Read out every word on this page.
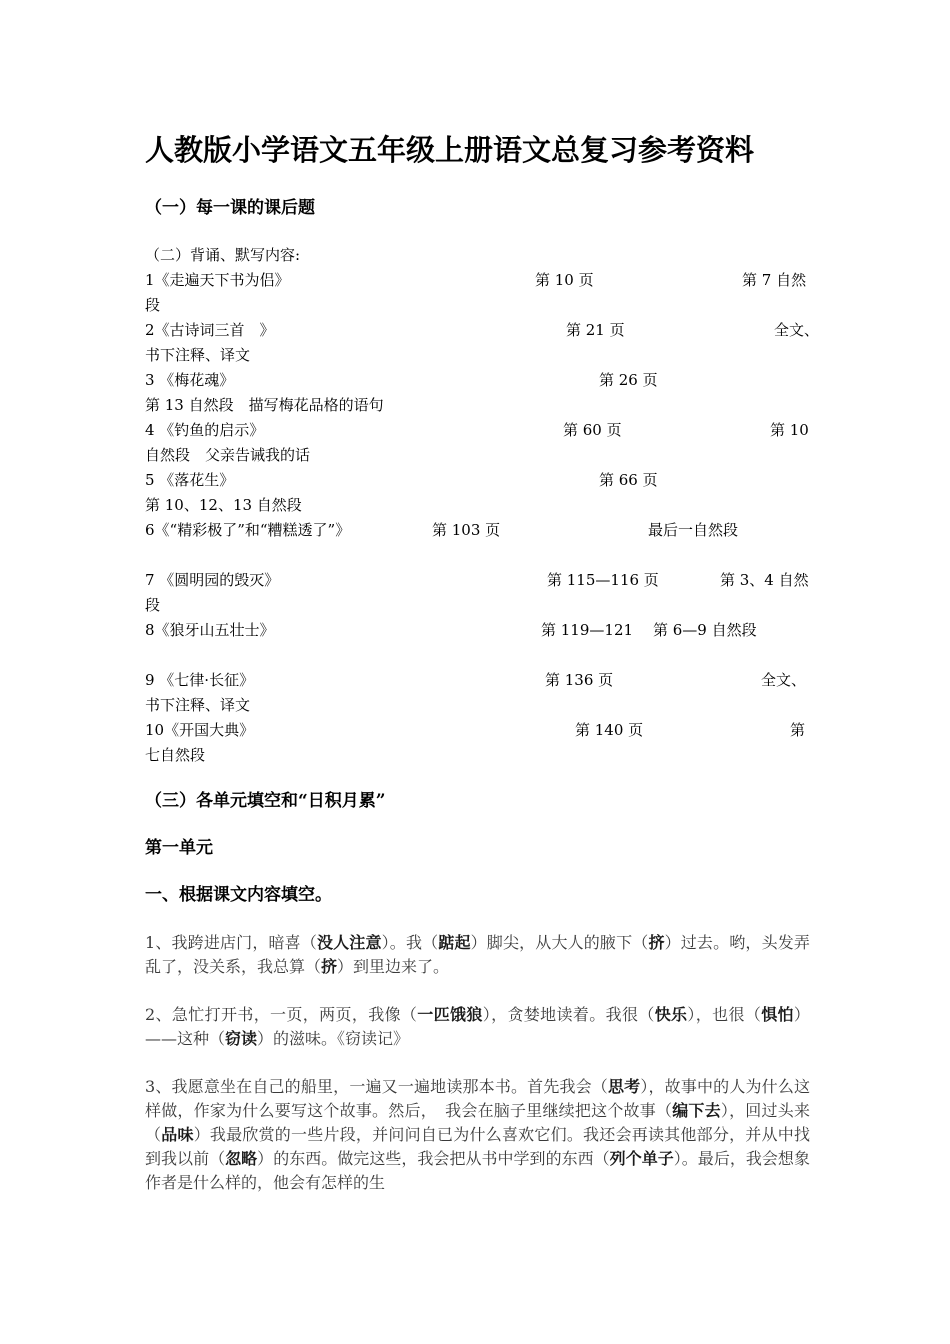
人教版小学语文五年级上册语文总复习参考资料
（一）每一课的课后题
（二）背诵、默写内容:
1《走遍天下书为侣》	第 10 页	第 7 自然
段
2《古诗词三首　》	第 21 页	全文、
书下注释、译文
3 《梅花魂》	第 26 页
第 13 自然段　描写梅花品格的语句
4 《钓鱼的启示》	第 60 页	第 10
自然段　父亲告诫我的话
5 《落花生》	第 66 页
第 10、12、13 自然段
6《“精彩极了”和“糟糕透了”》	第 103 页	最后一自然段
7 《圆明园的毁灭》	第 115—116 页	第 3、4 自然
段
8《狼牙山五壮士》	第 119—121 第 6—9 自然段
9 《七律·长征》	第 136 页	全文、
书下注释、译文
10《开国大典》	第 140 页	第
七自然段
（三）各单元填空和“日积月累”
第一单元
一、根据课文内容填空。

1、我跨进店门，暗喜（没人注意）。我（踮起）脚尖，从大人的腋下（挤）过去。哟，头发弄乱了，没关系，我总算（挤）到里边来了。

2、急忙打开书，一页，两页，我像（一匹饿狼），贪婪地读着。我很（快乐），也很（惧怕）——这种（窃读）的滋味。《窃读记》

3、我愿意坐在自己的船里，一遍又一遍地读那本书。首先我会（思考），故事中的人为什么这样做，作家为什么要写这个故事。然后，　我会在脑子里继续把这个故事（编下去），回过头来（品味）我最欣赏的一些片段，并问问自已为什么喜欢它们。我还会再读其他部分，并从中找到我以前（忽略）的东西。做完这些，我会把从书中学到的东西（列个单子）。最后，我会想象作者是什么样的，他会有怎样的生
